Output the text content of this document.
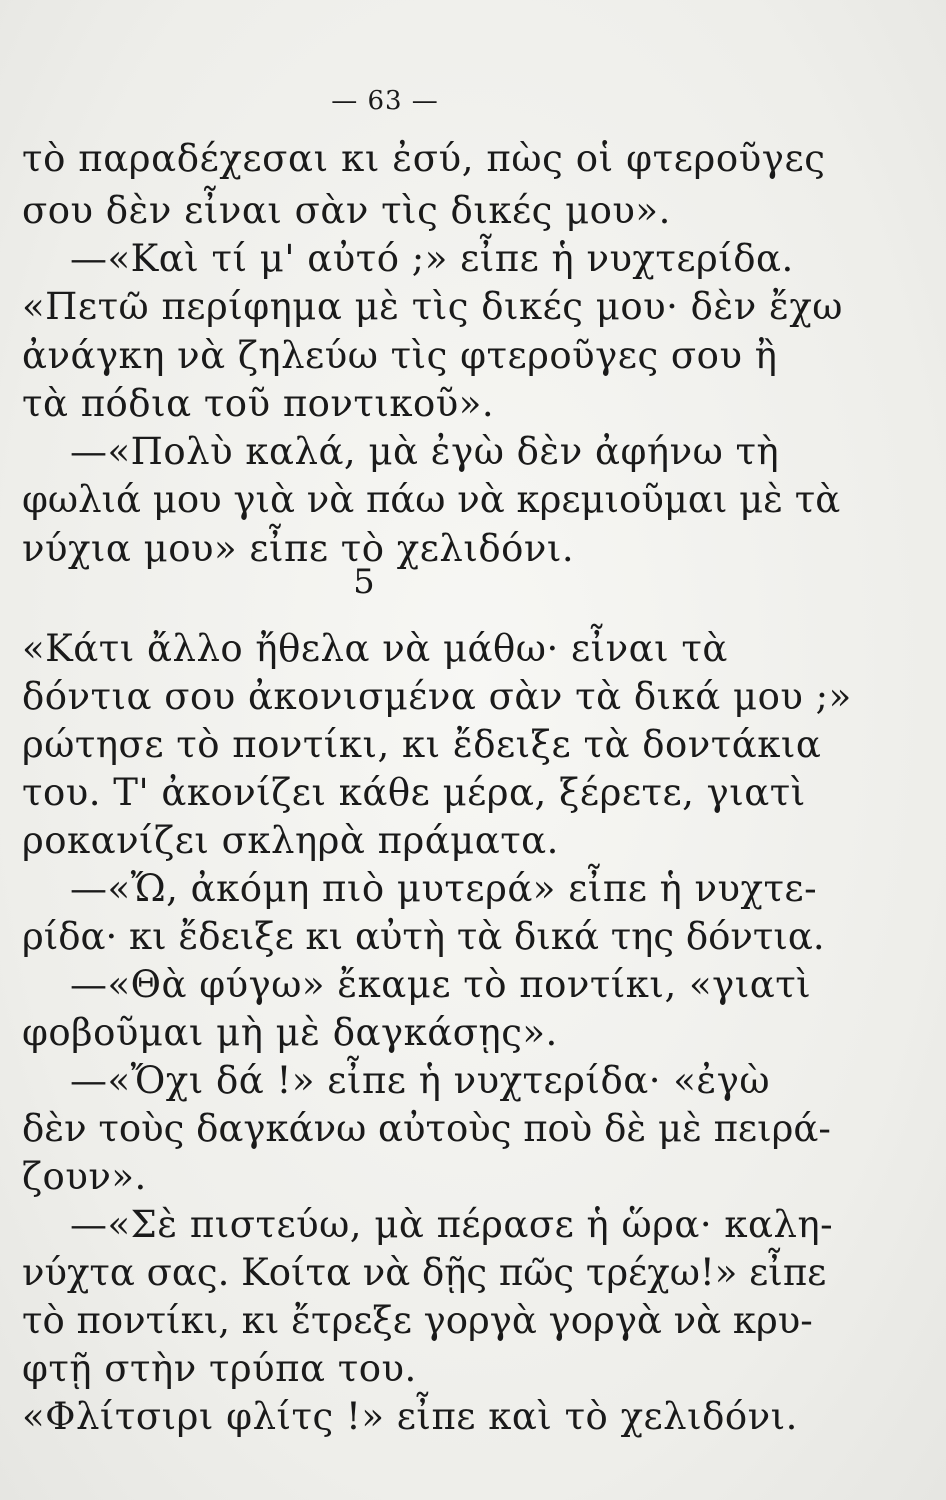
— 63 —
τὸ παραδέχεσαι κι ἐσύ, πὼς οἱ φτεροῦγες
σου δὲν εἶναι σὰν τὶς δικές μου».
—«Καὶ τί μ' αὐτό ;» εἶπε ἡ νυχτερίδα.
«Πετῶ περίφημα μὲ τὶς δικές μου· δὲν ἔχω
ἀνάγκη νὰ ζηλεύω τὶς φτεροῦγες σου ἢ
τὰ πόδια τοῦ ποντικοῦ».
—«Πολὺ καλά, μὰ ἐγὼ δὲν ἀφήνω τὴ
φωλιά μου γιὰ νὰ πάω νὰ κρεμιοῦμαι μὲ τὰ
νύχια μου» εἶπε τὸ χελιδόνι.
5
«Κάτι ἄλλο ἤθελα νὰ μάθω· εἶναι τὰ
δόντια σου ἀκονισμένα σὰν τὰ δικά μου ;»
ρώτησε τὸ ποντίκι, κι ἔδειξε τὰ δοντάκια
του. Τ' ἀκονίζει κάθε μέρα, ξέρετε, γιατὶ
ροκανίζει σκληρὰ πράματα.
—«Ὤ, ἀκόμη πιὸ μυτερά» εἶπε ἡ νυχτε-
ρίδα· κι ἔδειξε κι αὐτὴ τὰ δικά της δόντια.
—«Θὰ φύγω» ἔκαμε τὸ ποντίκι, «γιατὶ
φοβοῦμαι μὴ μὲ δαγκάσῃς».
—«Ὄχι δά !» εἶπε ἡ νυχτερίδα· «ἐγὼ
δὲν τοὺς δαγκάνω αὐτοὺς ποὺ δὲ μὲ πειρά-
ζουν».
—«Σὲ πιστεύω, μὰ πέρασε ἡ ὥρα· καλη-
νύχτα σας. Κοίτα νὰ δῇς πῶς τρέχω!» εἶπε
τὸ ποντίκι, κι ἔτρεξε γοργὰ γοργὰ νὰ κρυ-
φτῇ στὴν τρύπα του.
«Φλίτσιρι φλίτς !» εἶπε καὶ τὸ χελιδόνι.
